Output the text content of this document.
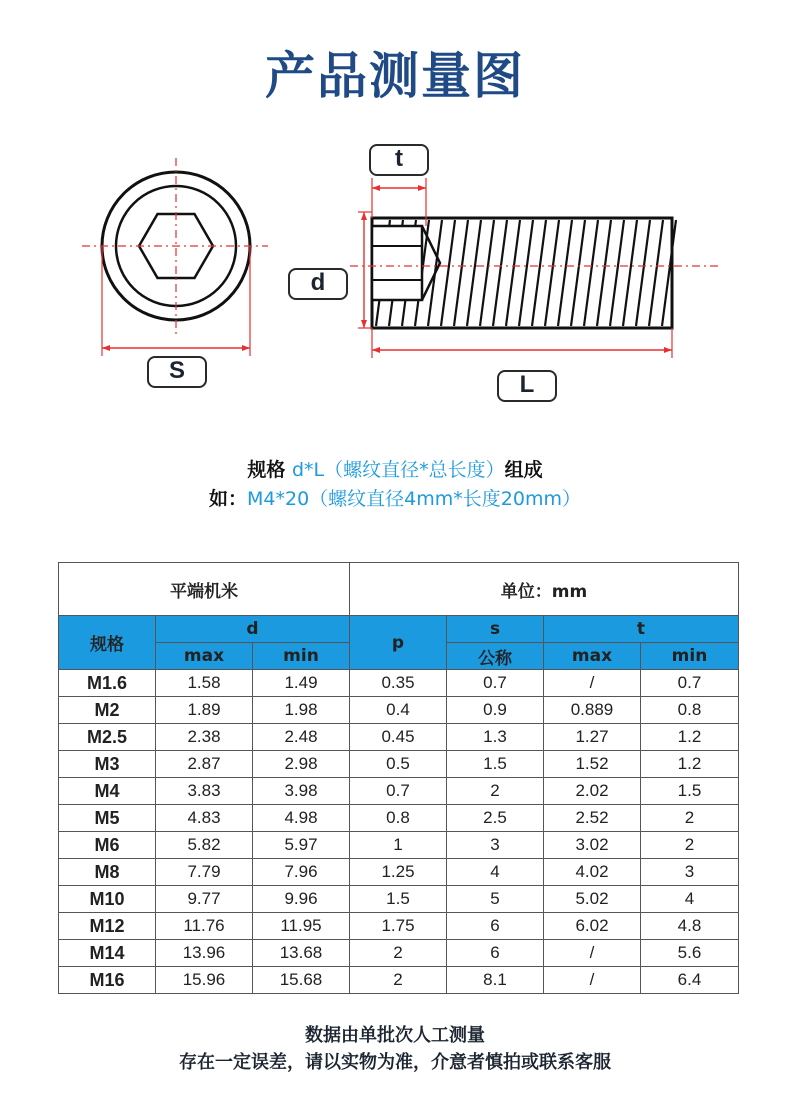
产品测量图
t
d
S
L
规格 d*L（螺纹直径*总长度）组成
如：M4*20（螺纹直径4mm*长度20mm）
平端机米			单位：mm			
规格	d		p	s	t	
	max	min		公称	max	min
M1.6	1.58	1.49	0.35	0.7	/	0.7
M2	1.89	1.98	0.4	0.9	0.889	0.8
M2.5	2.38	2.48	0.45	1.3	1.27	1.2
M3	2.87	2.98	0.5	1.5	1.52	1.2
M4	3.83	3.98	0.7	2	2.02	1.5
M5	4.83	4.98	0.8	2.5	2.52	2
M6	5.82	5.97	1	3	3.02	2
M8	7.79	7.96	1.25	4	4.02	3
M10	9.77	9.96	1.5	5	5.02	4
M12	11.76	11.95	1.75	6	6.02	4.8
M14	13.96	13.68	2	6	/	5.6
M16	15.96	15.68	2	8.1	/	6.4
数据由单批次人工测量
存在一定误差，请以实物为准，介意者慎拍或联系客服
